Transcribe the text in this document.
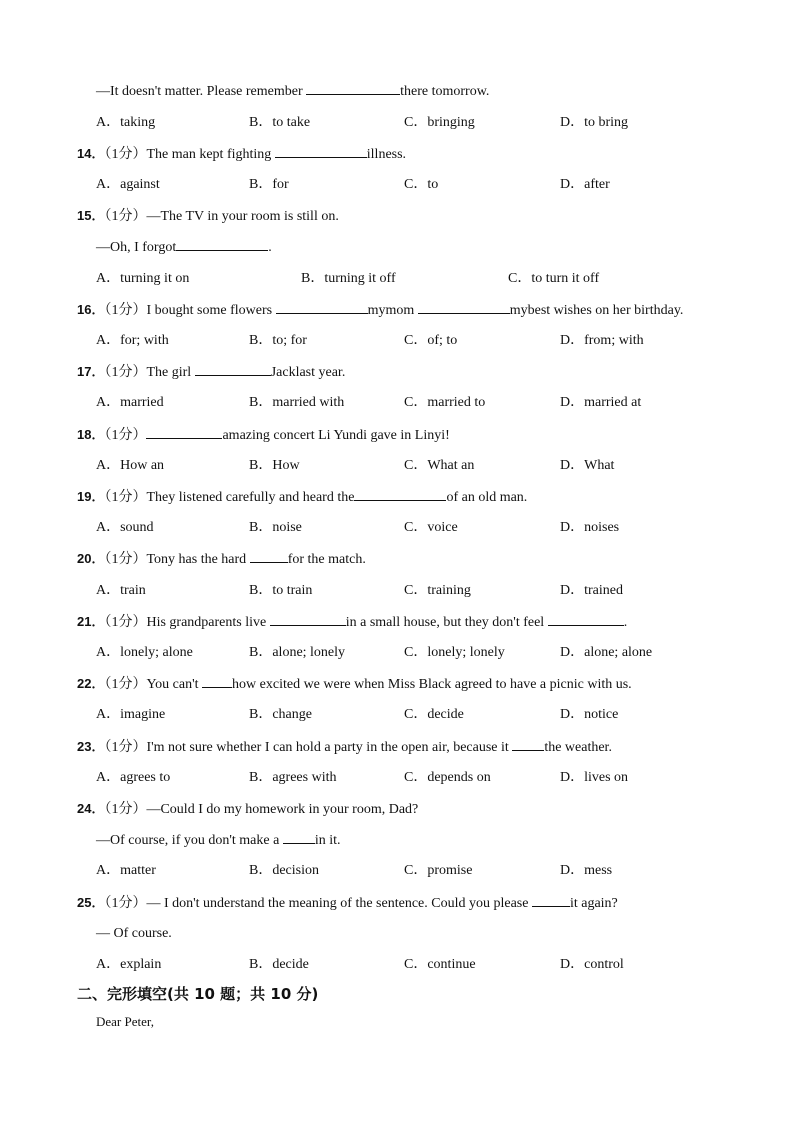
—It doesn't matter. Please remember	there tomorrow.
A．taking	B．to take	C．bringing	D．to bring
14．（1分）The man kept fighting	illness.
A．against	B．for	C．to	D．after
15．（1分）—The TV in your room is still on.
—Oh, I forgot	.
A．turning it on	B．turning it off	C．to turn it off
16．（1分）I bought some flowers	mymom	mybest wishes on her birthday.
A．for; with	B．to; for	C．of; to	D．from; with
17．（1分）The girl	Jacklast year.
A．married	B．married with	C．married to	D．married at
18．（1分）	amazing concert Li Yundi gave in Linyi!
A．How an	B．How	C．What an	D．What
19．（1分）They listened carefully and heard the	of an old man.
A．sound	B．noise	C．voice	D．noises
20．（1分）Tony has the hard	for the match.
A．train	B．to train	C．training	D．trained
21．（1分）His grandparents live	in a small house, but they don't feel	.
A．lonely; alone	B．alone; lonely	C．lonely; lonely	D．alone; alone
22．（1分）You can't how excited we were when Miss Black agreed to have a picnic with us.
A．imagine	B．change	C．decide	D．notice
23．（1分）I'm not sure whether I can hold a party in the open air, because it	the weather.
A．agrees to	B．agrees with	C．depends on	D．lives on
24．（1分）—Could I do my homework in your room, Dad?
—Of course, if you don't make a	in it.
A．matter	B．decision	C．promise	D．mess
25．（1分）— I don't understand the meaning of the sentence. Could you please	it again?
— Of course.
A．explain	B．decide	C．continue	D．control
二、完形填空(共 10 题；共 10 分)
Dear Peter,
